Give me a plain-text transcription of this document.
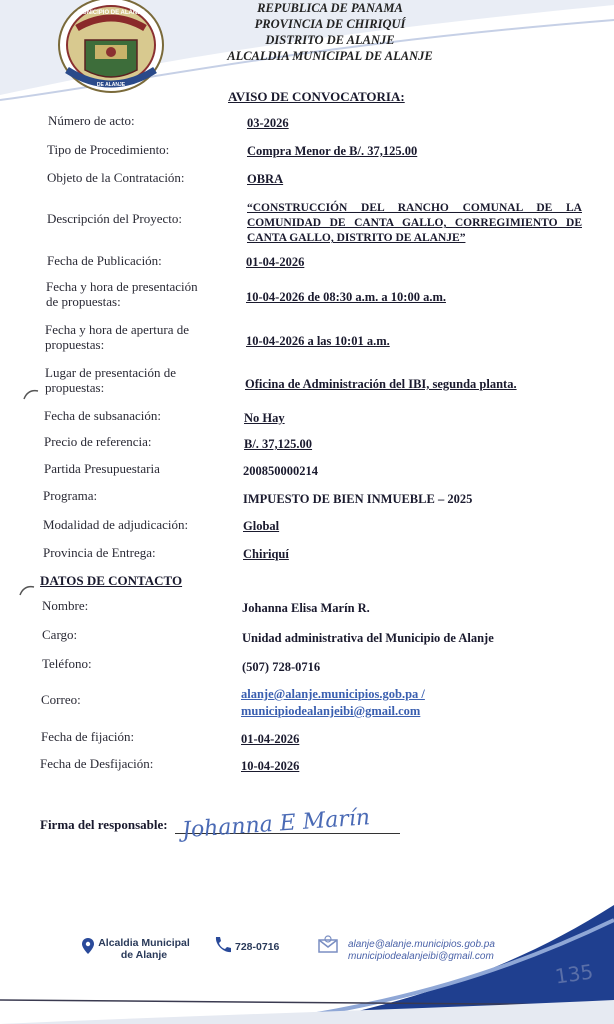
MUNICIPIO DE ALANJE
DE ALANJE
REPUBLICA DE PANAMA
PROVINCIA DE CHIRIQUÍ
DISTRITO DE ALANJE
ALCALDIA MUNICIPAL DE ALANJE
AVISO DE CONVOCATORIA:
Número de acto:	03-2026
Tipo de Procedimiento:	Compra Menor de B/. 37,125.00
Objeto de la Contratación:	OBRA
Descripción del Proyecto:
“CONSTRUCCIÓN DEL RANCHO COMUNAL DE LA COMUNIDAD DE CANTA GALLO, CORREGIMIENTO DE CANTA GALLO, DISTRITO DE ALANJE”
Fecha de Publicación:	01-04-2026
Fecha y hora de presentación
de propuestas:	10-04-2026 de 08:30 a.m. a 10:00 a.m.
Fecha y hora de apertura de
propuestas:	10-04-2026 a las 10:01 a.m.
Lugar de presentación de
propuestas:	Oficina de Administración del IBI, segunda planta.
Fecha de subsanación:	No Hay
Precio de referencia:	B/. 37,125.00
Partida Presupuestaria	200850000214
Programa:	IMPUESTO DE BIEN INMUEBLE – 2025
Modalidad de adjudicación:	Global
Provincia de Entrega:	Chiriquí
DATOS DE CONTACTO
Nombre:	Johanna Elisa Marín R.
Cargo:	Unidad administrativa del Municipio de Alanje
Teléfono:	(507) 728-0716
Correo:	alanje@alanje.municipios.gob.pa /
municipiodealanjeibi@gmail.com
Fecha de fijación:	01-04-2026
Fecha de Desfijación:	10-04-2026
Firma del responsable: Johanna E Marín
Alcaldia Municipal
de Alanje
728-0716	alanje@alanje.municipios.gob.pa
municipiodealanjeibi@gmail.com
135
